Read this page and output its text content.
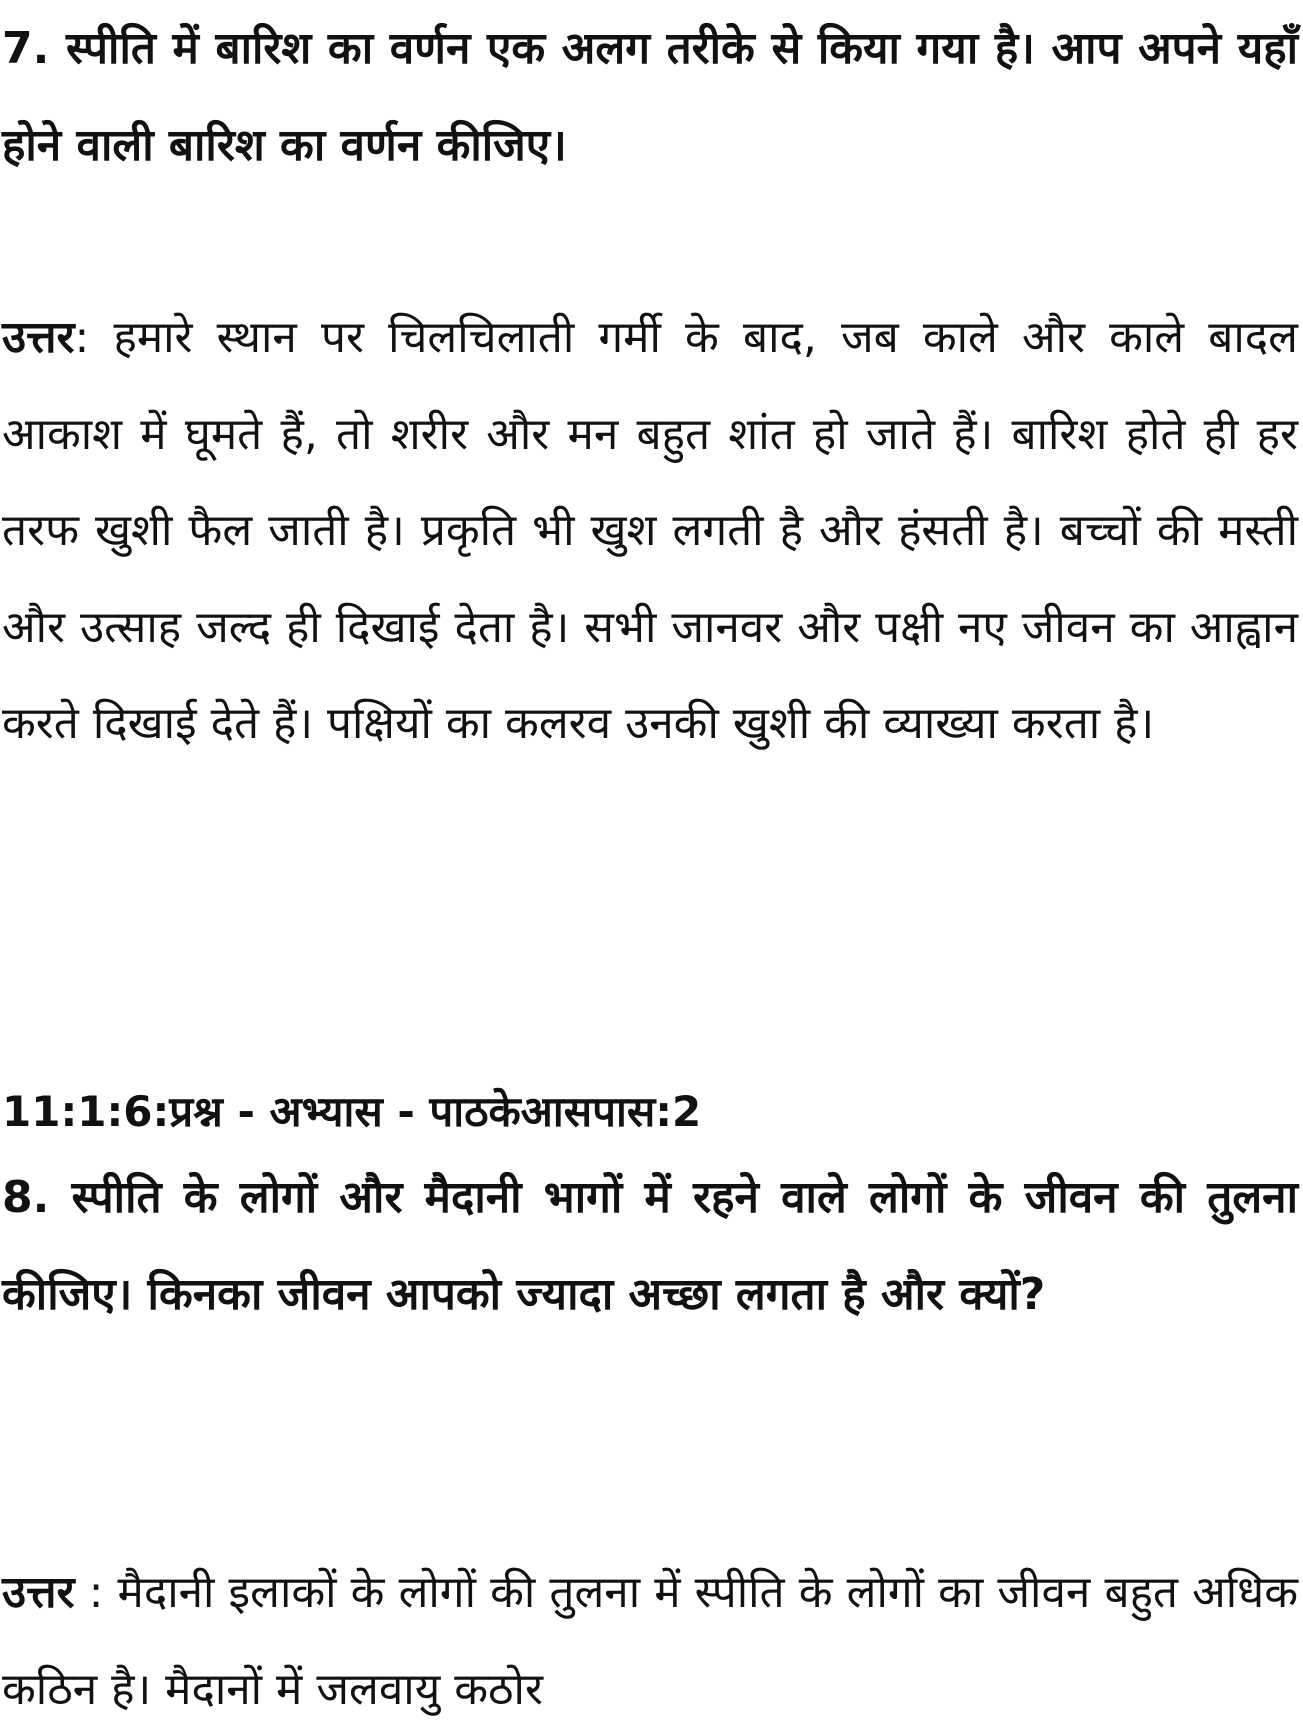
7. स्पीति में बारिश का वर्णन एक अलग तरीके से किया गया है। आप अपने यहाँ होने वाली बारिश का वर्णन कीजिए।

उत्तर: हमारे स्थान पर चिलचिलाती गर्मी के बाद, जब काले और काले बादल आकाश में घूमते हैं, तो शरीर और मन बहुत शांत हो जाते हैं। बारिश होते ही हर तरफ खुशी फैल जाती है। प्रकृति भी खुश लगती है और हंसती है। बच्चों की मस्ती और उत्साह जल्द ही दिखाई देता है। सभी जानवर और पक्षी नए जीवन का आह्वान करते दिखाई देते हैं। पक्षियों का कलरव उनकी खुशी की व्याख्या करता है।

11:1:6:प्रश्न - अभ्यास - पाठकेआसपास:2

8. स्पीति के लोगों और मैदानी भागों में रहने वाले लोगों के जीवन की तुलना कीजिए। किनका जीवन आपको ज्यादा अच्छा लगता है और क्यों?

उत्तर : मैदानी इलाकों के लोगों की तुलना में स्पीति के लोगों का जीवन बहुत अधिक कठिन है। मैदानों में जलवायु कठोर
